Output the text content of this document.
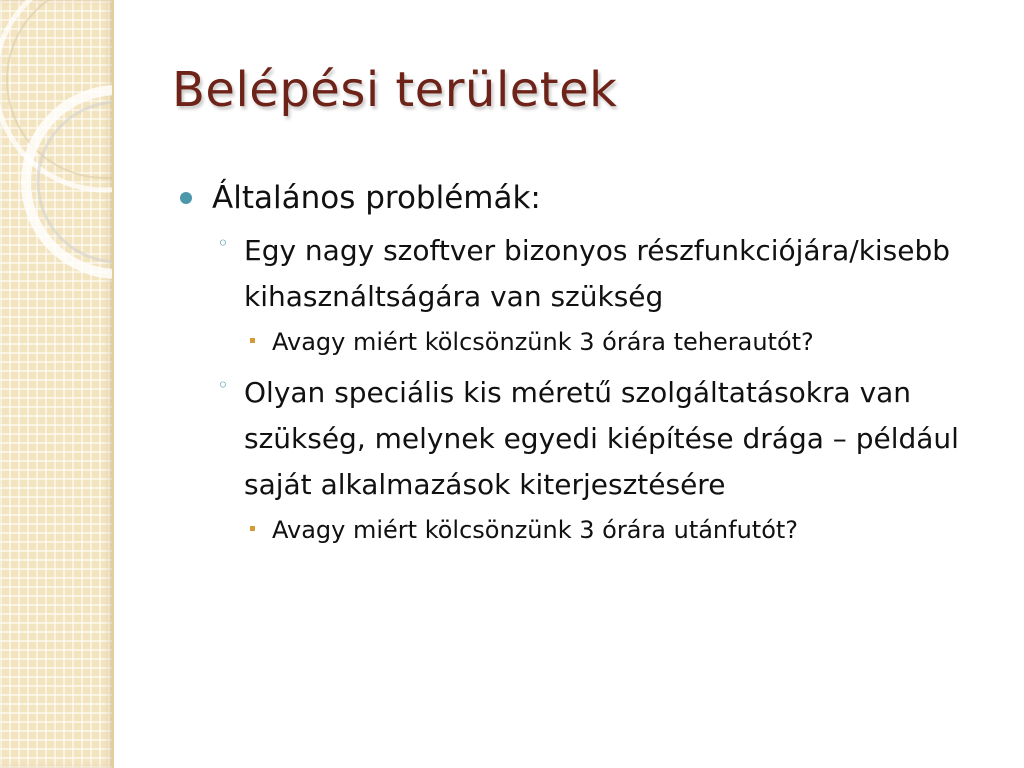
Belépési területek
Általános problémák:
◦ Egy nagy szoftver bizonyos részfunkciójára/kisebb kihasználtságára van szükség
Avagy miért kölcsönzünk 3 órára teherautót?
◦ Olyan speciális kis méretű szolgáltatásokra van szükség, melynek egyedi kiépítése drága – például saját alkalmazások kiterjesztésére
Avagy miért kölcsönzünk 3 órára utánfutót?
